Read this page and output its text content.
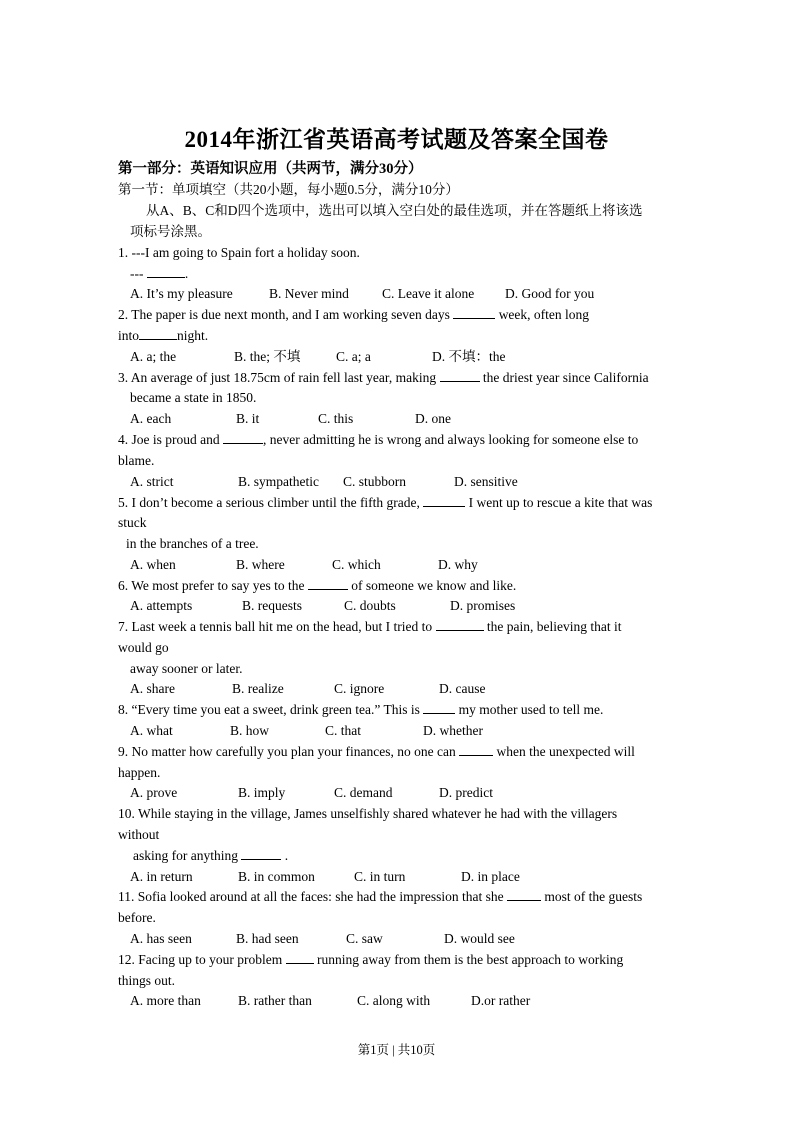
2014年浙江省英语高考试题及答案全国卷
第一部分：英语知识应用（共两节，满分30分）
第一节：单项填空（共20小题，每小题0.5分，满分10分）
从A、B、C和D四个选项中，选出可以填入空白处的最佳选项，并在答题纸上将该选
项标号涂黑。
1. ---I am going to Spain fort a holiday soon.
---	.
A. It’s my pleasure	B. Never mind C. Leave it alone D. Good for you
2. The paper is due next month, and I am working seven days	week, often long
into	night.
A. a; the	B. the; 不填	C. a; a	D. 不填：the
3. An average of just 18.75cm of rain fell last year, making	the driest year since California
became a state in 1850.
A. each	B. it	C. this	D. one
4. Joe is proud and	, never admitting he is wrong and always looking for someone else to
blame.
A. strict	B. sympathetic C. stubborn	D. sensitive
5. I don’t become a serious climber until the fifth grade,	I went up to rescue a kite that was
stuck
in the branches of a tree.
A. when	B. where	C. which	D. why
6. We most prefer to say yes to the	of someone we know and like.
A. attempts	B. requests	C. doubts	D. promises
7. Last week a tennis ball hit me on the head, but I tried to	the pain, believing that it
would go
away sooner or later.
A. share	B. realize	C. ignore	D. cause
8. “Every time you eat a sweet, drink green tea.” This is  my mother used to tell me.
A. what	B. how	C. that	D. whether
9. No matter how carefully you plan your finances, no one can	when the unexpected will
happen.
A. prove	B. imply	C. demand	D. predict
10. While staying in the village, James unselfishly shared whatever he had with the villagers
without
asking for anything	.
A. in return	B. in common	C. in turn	D. in place
11. Sofia looked around at all the faces: she had the impression that she	most of the guests
before.
A. has seen	B. had seen	C. saw	D. would see
12. Facing up to your problem  running away from them is the best approach to working
things out.
A. more than	B. rather than	C. along with	D.or rather
第1页 | 共10页
